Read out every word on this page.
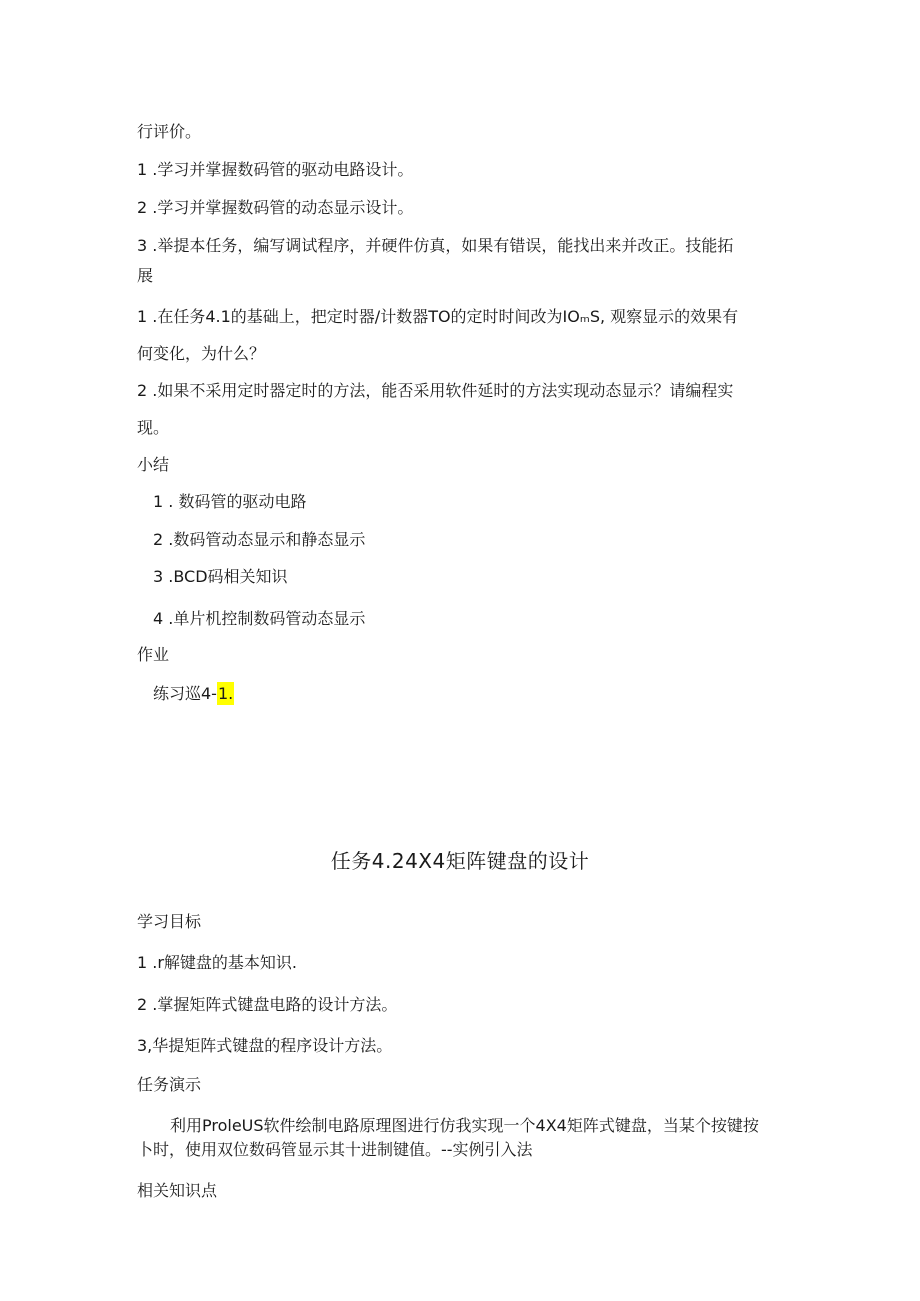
行评价。
1 .学习并掌握数码管的驱动电路设计。
2 .学习并掌握数码管的动态显示设计。
3 .举提本任务，编写调试程序，并硬件仿真，如果有错误，能找出来并改正。技能拓
展
1 .在任务4.1的基础上，把定时器/计数器TO的定时时间改为IOₘS, 观察显示的效果有
何变化，为什么？
2 .如果不采用定时器定时的方法，能否采用软件延时的方法实现动态显示？请编程实
现。
小结
1 . 数码管的驱动电路
2 .数码管动态显示和静态显示
3 .BCD码相关知识
4 .单片机控制数码管动态显示
作业
练习巡4-1.
任务4.24X4矩阵键盘的设计
学习目标
1 .r解键盘的基本知识.
2 .掌握矩阵式键盘电路的设计方法。
3,华提矩阵式键盘的程序设计方法。
任务演示
利用ProleUS软件绘制电路原理图进行仿我实现一个4X4矩阵式键盘，当某个按键按
卜时，使用双位数码管显示其十进制键值。--实例引入法
相关知识点
